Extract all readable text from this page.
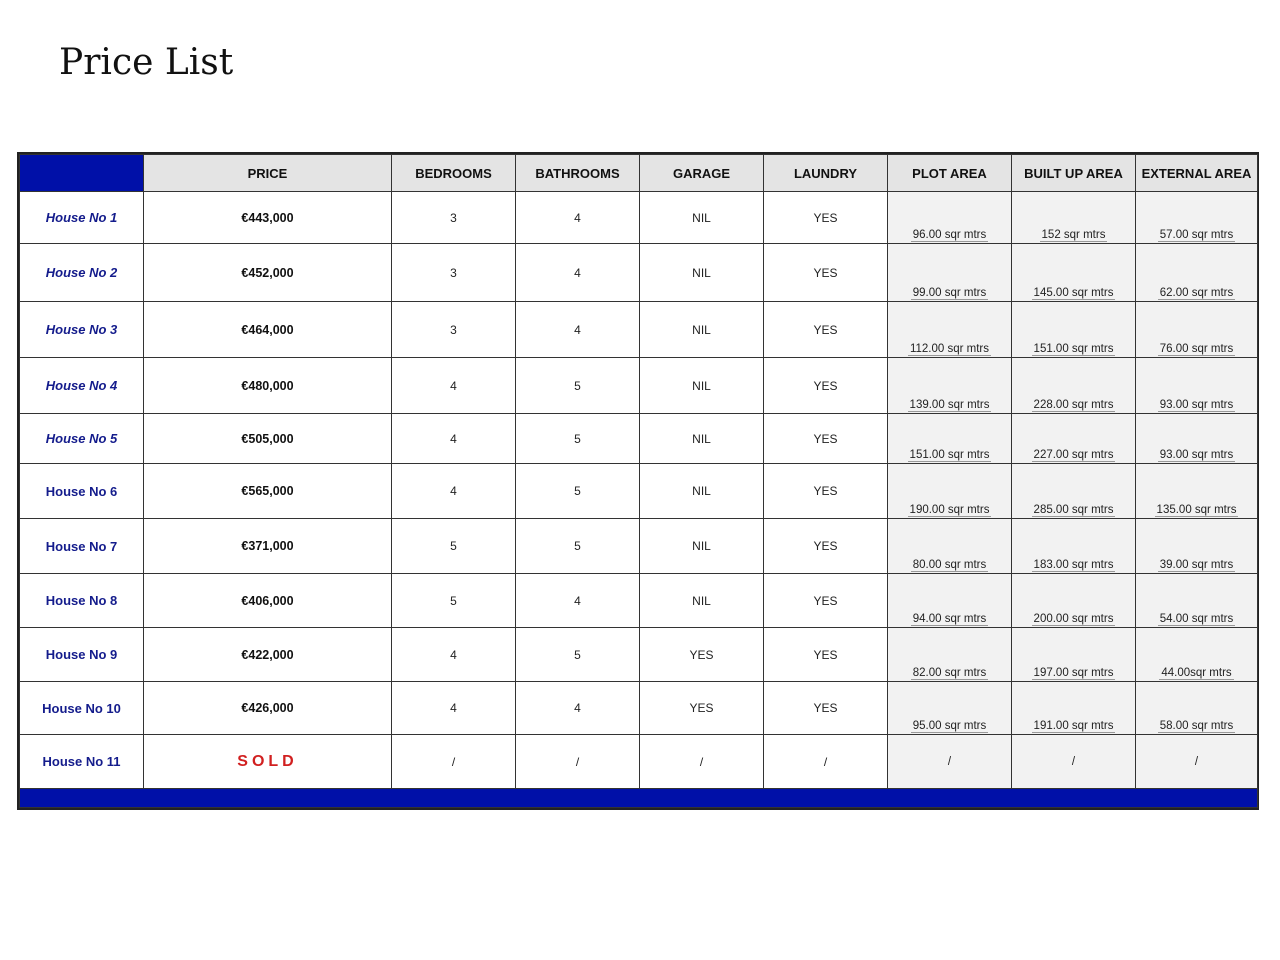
Price List
	PRICE	BEDROOMS	BATHROOMS	GARAGE	LAUNDRY	PLOT AREA	BUILT UP AREA	EXTERNAL AREA
House No 1	€443,000	3	4	NIL	YES	96.00 sqr mtrs	152 sqr mtrs	57.00 sqr mtrs
House No 2	€452,000	3	4	NIL	YES	99.00 sqr mtrs	145.00 sqr mtrs	62.00 sqr mtrs
House No 3	€464,000	3	4	NIL	YES	112.00 sqr mtrs	151.00 sqr mtrs	76.00 sqr mtrs
House No 4	€480,000	4	5	NIL	YES	139.00 sqr mtrs	228.00 sqr mtrs	93.00 sqr mtrs
House No 5	€505,000	4	5	NIL	YES	151.00 sqr mtrs	227.00 sqr mtrs	93.00 sqr mtrs
House No 6	€565,000	4	5	NIL	YES	190.00 sqr mtrs	285.00 sqr mtrs	135.00 sqr mtrs
House No 7	€371,000	5	5	NIL	YES	80.00 sqr mtrs	183.00 sqr mtrs	39.00 sqr mtrs
House No 8	€406,000	5	4	NIL	YES	94.00 sqr mtrs	200.00 sqr mtrs	54.00 sqr mtrs
House No 9	€422,000	4	5	YES	YES	82.00 sqr mtrs	197.00 sqr mtrs	44.00sqr mtrs
House No 10	€426,000	4	4	YES	YES	95.00 sqr mtrs	191.00 sqr mtrs	58.00 sqr mtrs
House No 11	SOLD	/	/	/	/	/	/	/
